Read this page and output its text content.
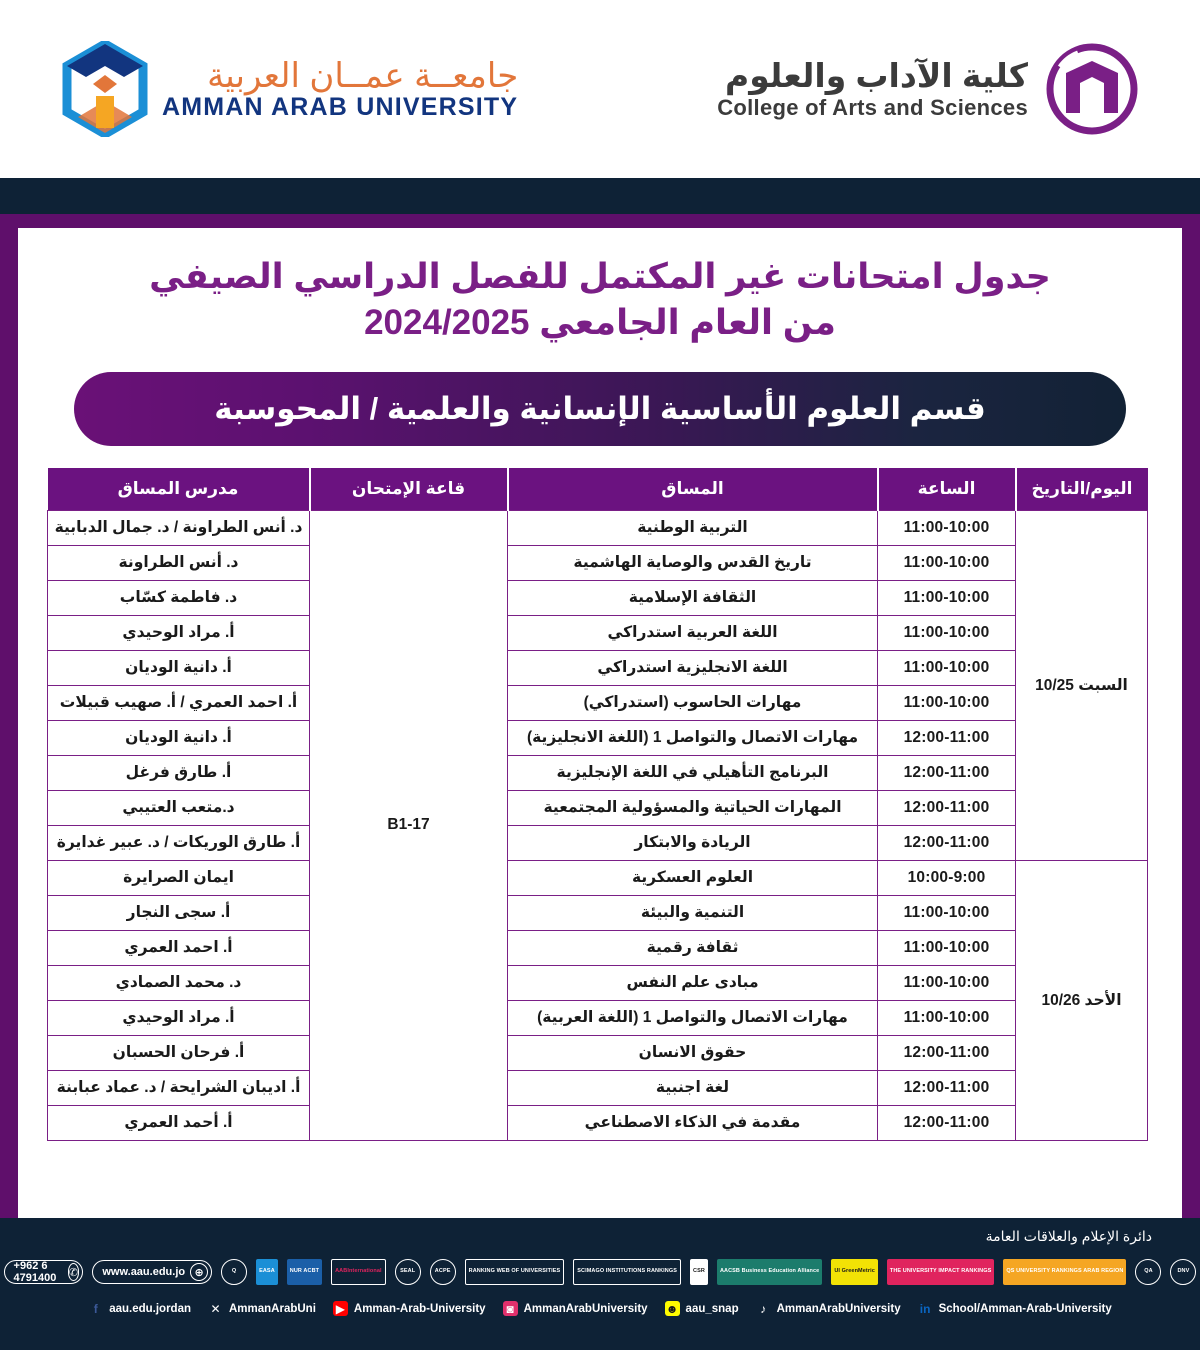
جامعــة عمــان العربية
AMMAN ARAB UNIVERSITY
كلية الآداب والعلوم
College of Arts and Sciences
جدول امتحانات غير المكتمل للفصل الدراسي الصيفي
من العام الجامعي 2024/2025
قسم العلوم الأساسية الإنسانية والعلمية / المحوسبة
اليوم/التاريخ	الساعة	المساق	قاعة الإمتحان	مدرس المساق
السبت 10/25	11:00-10:00	التربية الوطنية	B1-17	د. أنس الطراونة / د. جمال الدبابية
	11:00-10:00	تاريخ القدس والوصاية الهاشمية		د. أنس الطراونة
	11:00-10:00	الثقافة الإسلامية		د. فاطمة كسّاب
	11:00-10:00	اللغة العربية استدراكي		أ. مراد الوحيدي
	11:00-10:00	اللغة الانجليزية استدراكي		أ. دانية الوديان
	11:00-10:00	مهارات الحاسوب (استدراكي)		أ. احمد العمري / أ. صهيب قبيلات
	12:00-11:00	مهارات الاتصال والتواصل 1 (اللغة الانجليزية)		أ. دانية الوديان
	12:00-11:00	البرنامج التأهيلي في اللغة الإنجليزية		أ. طارق فرغل
	12:00-11:00	المهارات الحياتية والمسؤولية المجتمعية		د.متعب العتيبي
	12:00-11:00	الريادة والابتكار		أ. طارق الوريكات / د. عبير غدايرة
الأحد 10/26	10:00-9:00	العلوم العسكرية		ايمان الصرايرة
	11:00-10:00	التنمية والبيئة		أ. سجى النجار
	11:00-10:00	ثقافة رقمية		أ. احمد العمري
	11:00-10:00	مبادى علم النفس		د. محمد الصمادي
	11:00-10:00	مهارات الاتصال والتواصل 1 (اللغة العربية)		أ. مراد الوحيدي
	12:00-11:00	حقوق الانسان		أ. فرحان الحسبان
	12:00-11:00	لغة اجنبية		أ. اديبان الشرايحة / د. عماد عبابنة
	12:00-11:00	مقدمة في الذكاء الاصطناعي		أ. أحمد العمري
دائرة الإعلام والعلاقات العامة
DNV
QA
QS UNIVERSITY RANKINGS ARAB REGION
THE UNIVERSITY IMPACT RANKINGS
UI GreenMetric
AACSB Business Education Alliance
CSR
SCIMAGO INSTITUTIONS RANKINGS
RANKING WEB OF UNIVERSITIES
ACPE
SEAL
AABInternational
NUR ACBT
EASA
Q
www.aau.edu.jo ⊕
+962 6 4791400	✆
f	aau.edu.jordan ✕ AmmanArabUni ▶ Amman-Arab-University	◙ AmmanArabUniversity ☻ aau_snap	♪ AmmanArabUniversity in School/Amman-Arab-University
